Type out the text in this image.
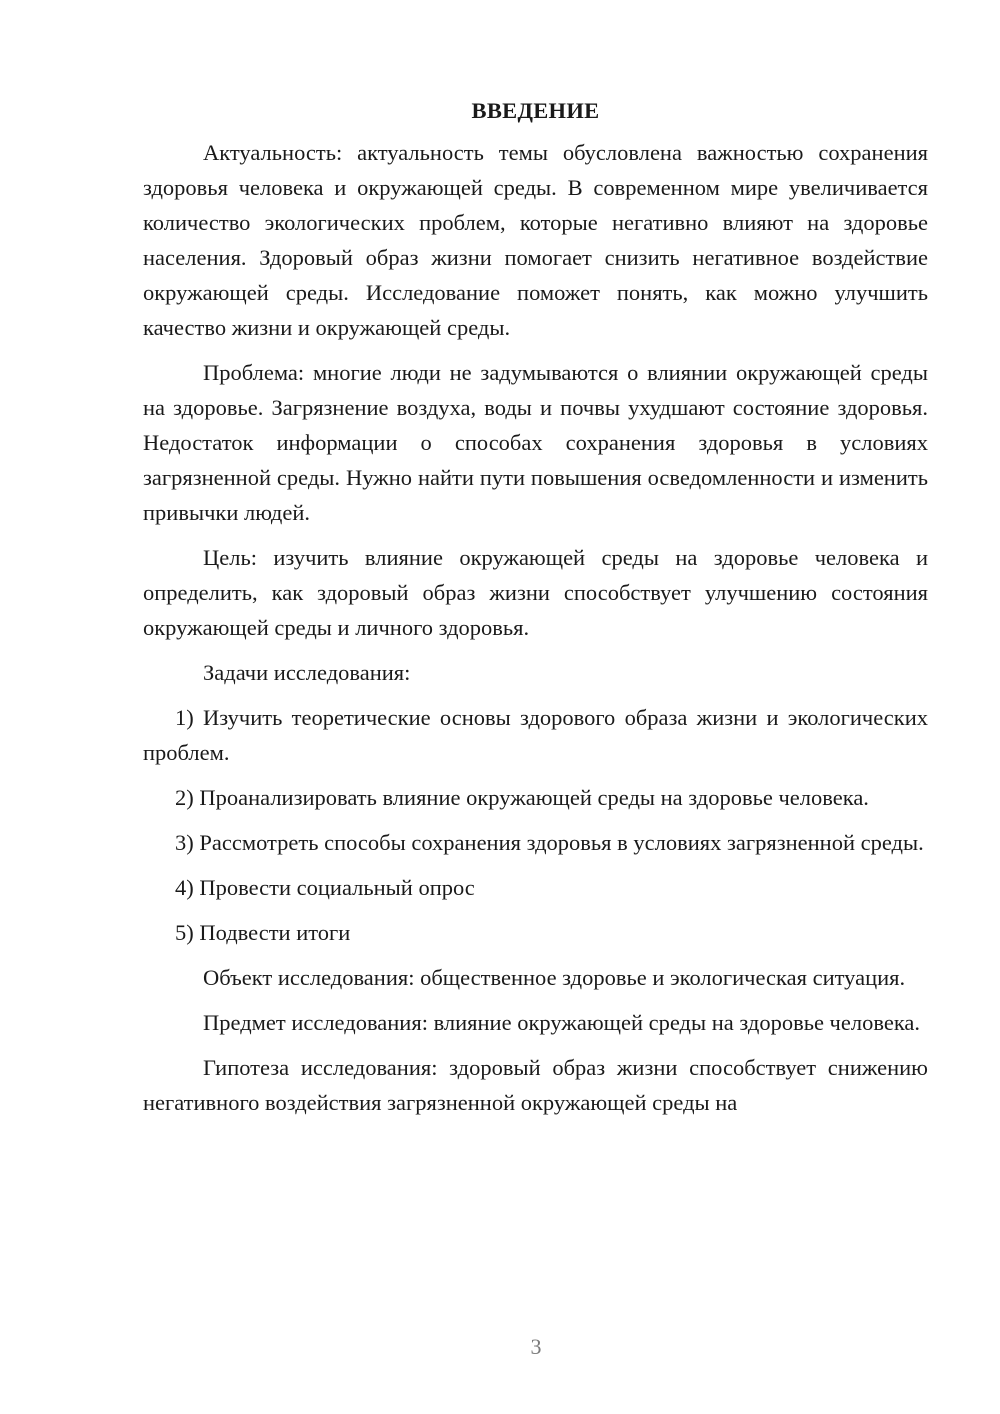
ВВЕДЕНИЕ

Актуальность: актуальность темы обусловлена важностью сохранения здоровья человека и окружающей среды. В современном мире увеличивается количество экологических проблем, которые негативно влияют на здоровье населения. Здоровый образ жизни помогает снизить негативное воздействие окружающей среды. Исследование поможет понять, как можно улучшить качество жизни и окружающей среды.

Проблема: многие люди не задумываются о влиянии окружающей среды на здоровье. Загрязнение воздуха, воды и почвы ухудшают состояние здоровья. Недостаток информации о способах сохранения здоровья в условиях загрязненной среды. Нужно найти пути повышения осведомленности и изменить привычки людей.

Цель: изучить влияние окружающей среды на здоровье человека и определить, как здоровый образ жизни способствует улучшению состояния окружающей среды и личного здоровья.

Задачи исследования:

1) Изучить теоретические основы здорового образа жизни и экологических проблем.

2) Проанализировать влияние окружающей среды на здоровье человека.

3) Рассмотреть способы сохранения здоровья в условиях загрязненной среды.

4) Провести социальный опрос

5) Подвести итоги

Объект исследования: общественное здоровье и экологическая ситуация.

Предмет исследования: влияние окружающей среды на здоровье человека.

Гипотеза исследования: здоровый образ жизни способствует снижению негативного воздействия загрязненной окружающей среды на

3
